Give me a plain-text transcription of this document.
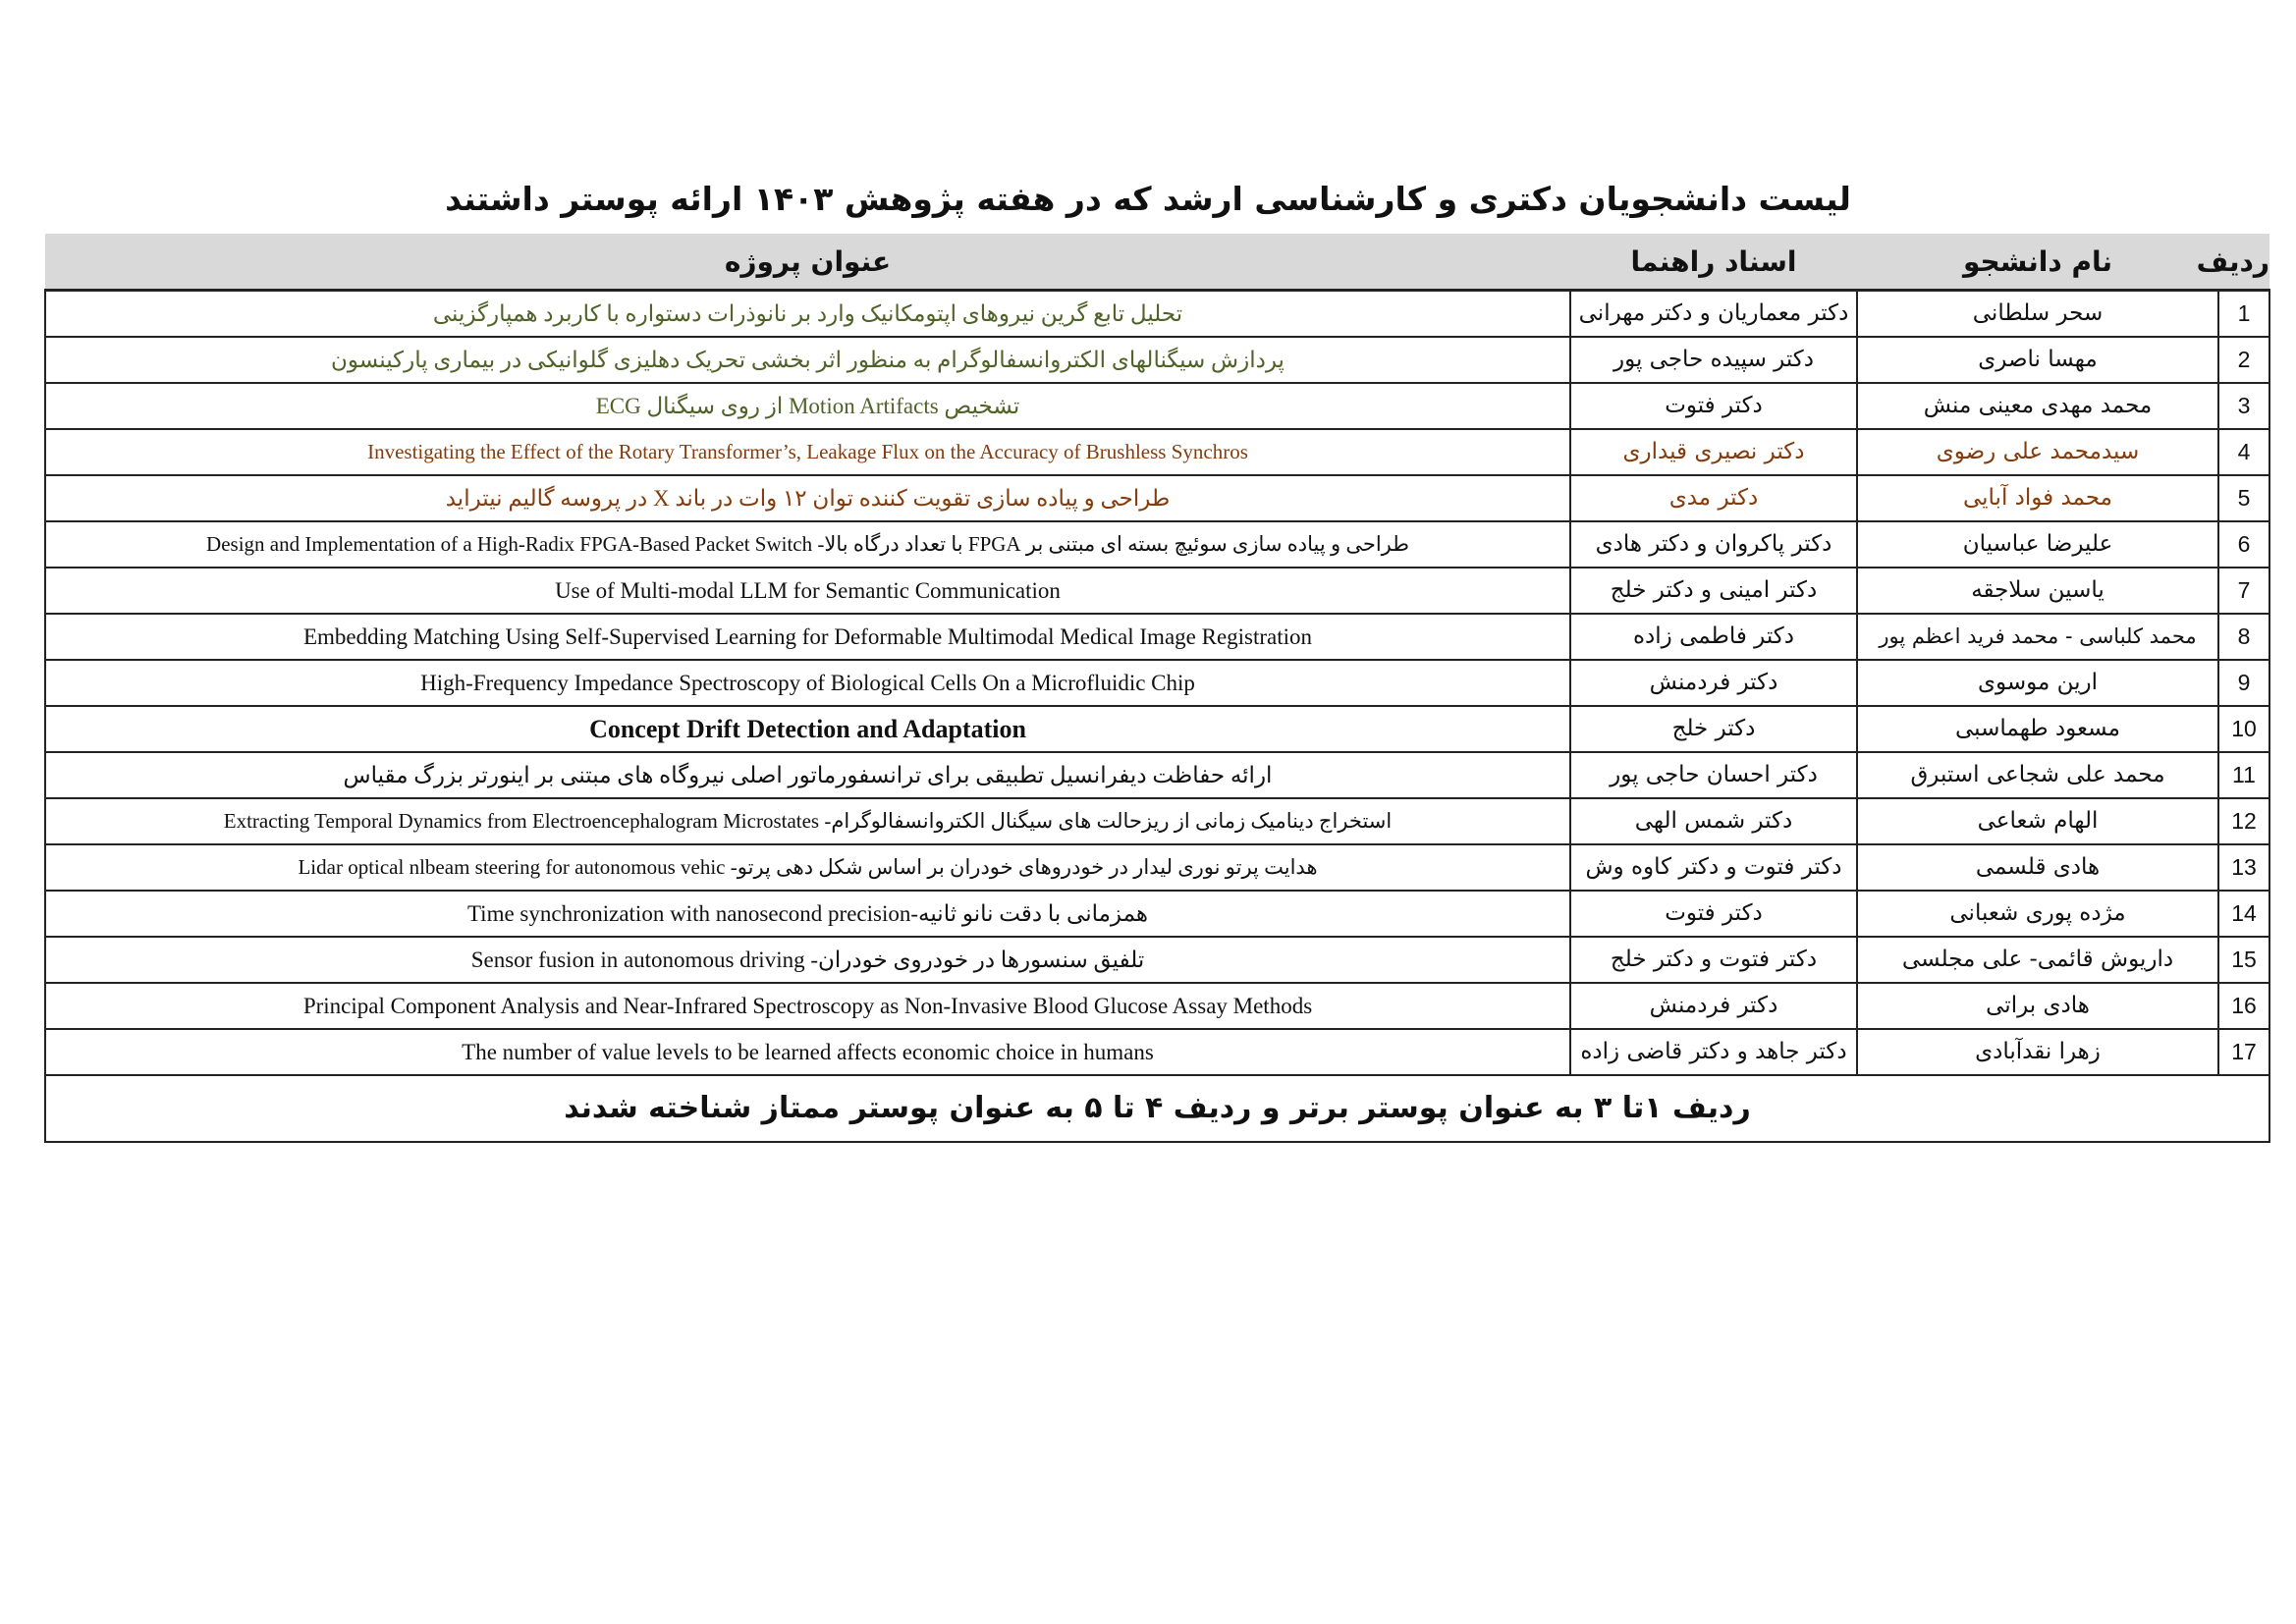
لیست دانشجویان دکتری و کارشناسی ارشد که در هفته پژوهش ۱۴۰۳ ارائه پوستر داشتند
ردیف	نام دانشجو	اسناد راهنما	عنوان پروژه
1	سحر سلطانی	دکتر معماریان و دکتر مهرانی	تحلیل تابع گرین نیروهای اپتومکانیک وارد بر نانوذرات دستواره با کاربرد همپارگزینی
2	مهسا ناصری	دکتر سپیده حاجی پور	پردازش سیگنالهای الکتروانسفالوگرام به منظور اثر بخشی تحریک دهلیزی گلوانیکی در بیماری پارکینسون
3	محمد مهدی معینی منش	دکتر فتوت	تشخیص Motion Artifacts از روی سیگنال ECG
4	سیدمحمد علی رضوی	دکتر نصیری قیداری	Investigating the Effect of the Rotary Transformer’s, Leakage Flux on the Accuracy of Brushless Synchros
5	محمد فواد آبایی	دکتر مدی	طراحی و پیاده سازی تقویت کننده توان ۱۲ وات در باند X در پروسه گالیم نیترايد
6	علیرضا عباسیان	دکتر پاکروان و دکتر هادی	طراحی و پیاده سازی سوئیچ بسته ای مبتنی بر FPGA با تعداد درگاه بالا- Design and Implementation of a High-Radix FPGA-Based Packet Switch
7	یاسین سلاجقه	دکتر امینی و دکتر خلج	Use of Multi-modal LLM for Semantic Communication
8	محمد کلباسی - محمد فرید اعظم پور	دکتر فاطمی زاده	Embedding Matching Using Self-Supervised Learning for Deformable Multimodal Medical Image Registration
9	ارین موسوی	دکتر فردمنش	High-Frequency Impedance Spectroscopy of Biological Cells On a Microfluidic Chip
10	مسعود طهماسبی	دکتر خلج	Concept Drift Detection and Adaptation
11	محمد علی شجاعی استبرق	دکتر احسان حاجی پور	ارائه حفاظت دیفرانسیل تطبیقی برای ترانسفورماتور اصلی نیروگاه های مبتنی بر اینورتر بزرگ مقیاس
12	الهام شعاعی	دکتر شمس الهی	استخراج دینامیک زمانی از ریزحالت های سیگنال الکتروانسفالوگرام- Extracting Temporal Dynamics from Electroencephalogram Microstates
13	هادی قلسمی	دکتر فتوت و دکتر کاوه وش	هدایت پرتو نوری لیدار در خودروهای خودران بر اساس شکل دهی پرتو- Lidar optical nlbeam steering for autonomous vehic
14	مژده پوری شعبانی	دکتر فتوت	همزمانی با دقت نانو ثانیه-Time synchronization with nanosecond precision
15	داریوش قائمی- علی مجلسی	دکتر فتوت و دکتر خلج	تلفیق سنسورها در خودروی خودران- Sensor fusion in autonomous driving
16	هادی براتی	دکتر فردمنش	Principal Component Analysis and Near-Infrared Spectroscopy as Non-Invasive Blood Glucose Assay Methods
17	زهرا نقدآبادی	دکتر جاهد و دکتر قاضی زاده	The number of value levels to be learned affects economic choice in humans
ردیف ۱تا ۳ به عنوان پوستر برتر و ردیف ۴ تا ۵ به عنوان پوستر ممتاز شناخته شدند			
